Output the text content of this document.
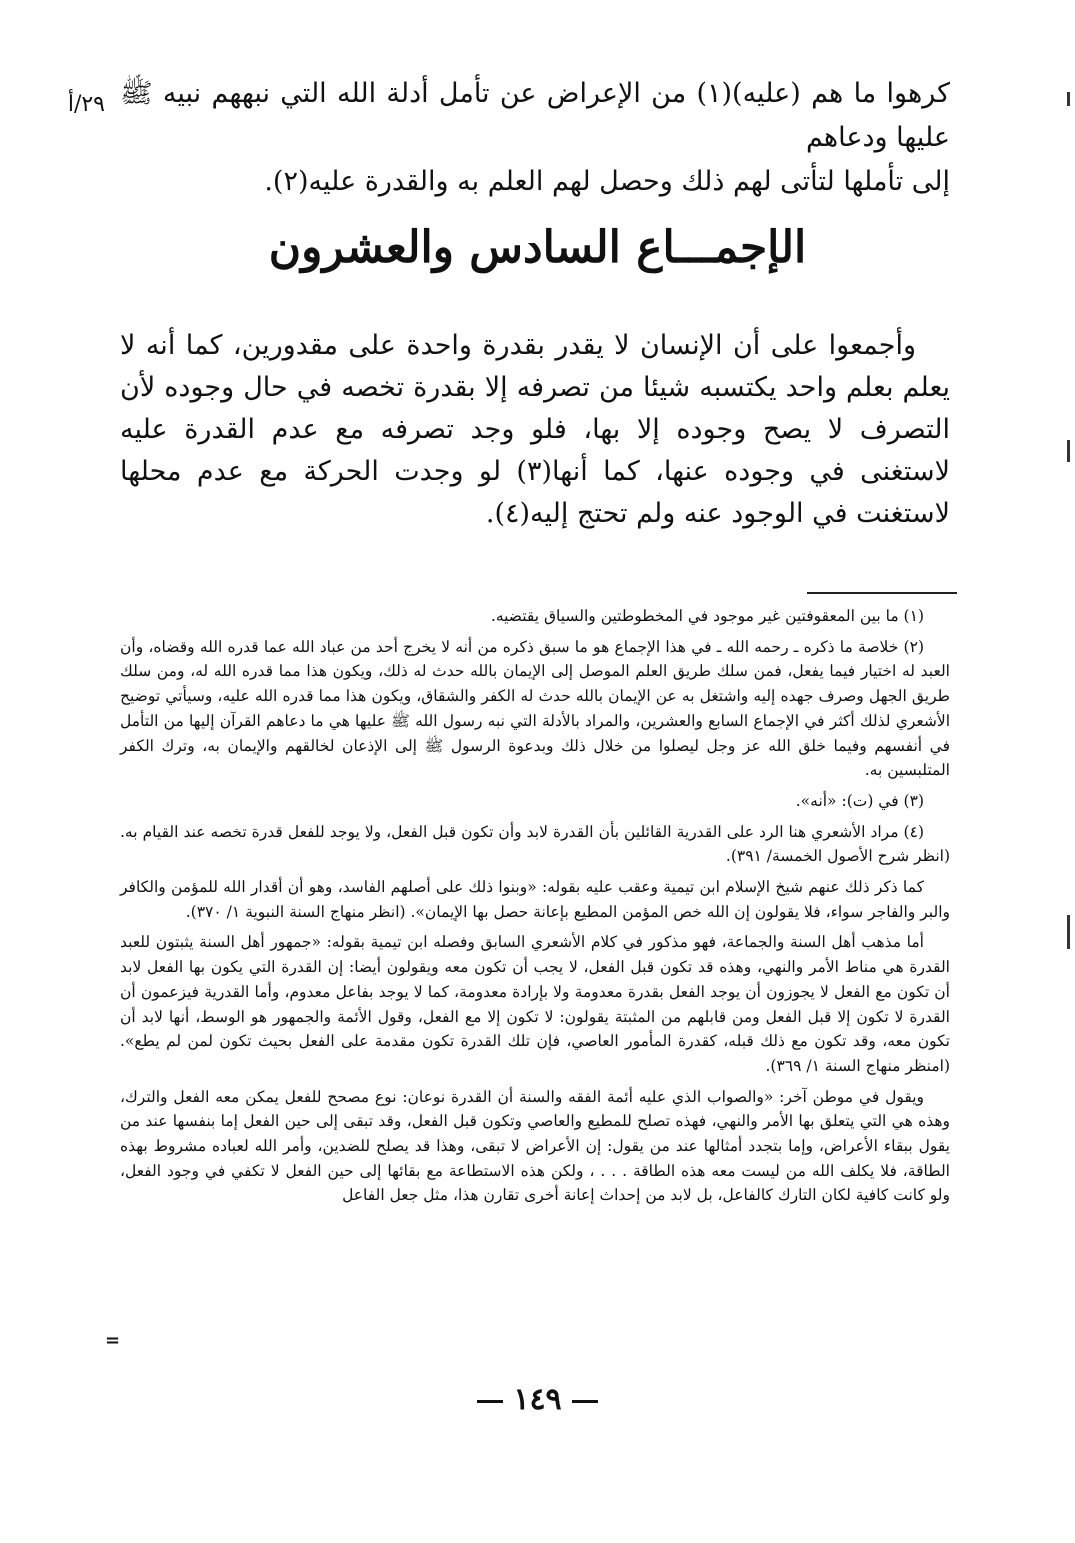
٢٩/أ كرهوا ما هم (عليه)(١) من الإعراض عن تأمل أدلة الله التي نبههم نبيه ﷺ عليها ودعاهم

إلى تأملها لتأتى لهم ذلك وحصل لهم العلم به والقدرة عليه(٢).

الإجمـــاع السادس والعشرون

وأجمعوا على أن الإنسان لا يقدر بقدرة واحدة على مقدورين، كما أنه لا يعلم بعلم واحد يكتسبه شيئا من تصرفه إلا بقدرة تخصه في حال وجوده لأن التصرف لا يصح وجوده إلا بها، فلو وجد تصرفه مع عدم القدرة عليه لاستغنى في وجوده عنها، كما أنها(٣) لو وجدت الحركة مع عدم محلها لاستغنت في الوجود عنه ولم تحتج إليه(٤).

(١) ما بين المعقوفتين غير موجود في المخطوطتين والسياق يقتضيه.

(٢) خلاصة ما ذكره ـ رحمه الله ـ في هذا الإجماع هو ما سبق ذكره من أنه لا يخرج أحد من عباد الله عما قدره الله وقضاه، وأن العبد له اختيار فيما يفعل، فمن سلك طريق العلم الموصل إلى الإيمان بالله حدث له ذلك، ويكون هذا مما قدره الله له، ومن سلك طريق الجهل وصرف جهده إليه واشتغل به عن الإيمان بالله حدث له الكفر والشقاق، ويكون هذا مما قدره الله عليه، وسيأتي توضيح الأشعري لذلك أكثر في الإجماع السابع والعشرين، والمراد بالأدلة التي نبه رسول الله ﷺ عليها هي ما دعاهم القرآن إليها من التأمل في أنفسهم وفيما خلق الله عز وجل ليصلوا من خلال ذلك وبدعوة الرسول ﷺ إلى الإذعان لخالقهم والإيمان به، وترك الكفر المتلبسين به.

(٣) في (ت): «أنه».

(٤) مراد الأشعري هنا الرد على القدرية القائلين بأن القدرة لابد وأن تكون قبل الفعل، ولا يوجد للفعل قدرة تخصه عند القيام به. (انظر شرح الأصول الخمسة/ ٣٩١).

كما ذكر ذلك عنهم شيخ الإسلام ابن تيمية وعقب عليه بقوله: «وبنوا ذلك على أصلهم الفاسد، وهو أن أقدار الله للمؤمن والكافر والبر والفاجر سواء، فلا يقولون إن الله خص المؤمن المطيع بإعانة حصل بها الإيمان». (انظر منهاج السنة النبوية ١/ ٣٧٠).

أما مذهب أهل السنة والجماعة، فهو مذكور في كلام الأشعري السابق وفصله ابن تيمية بقوله: «جمهور أهل السنة يثبتون للعبد القدرة هي مناط الأمر والنهي، وهذه قد تكون قبل الفعل، لا يجب أن تكون معه ويقولون أيضا: إن القدرة التي يكون بها الفعل لابد أن تكون مع الفعل لا يجوزون أن يوجد الفعل بقدرة معدومة ولا بإرادة معدومة، كما لا يوجد بفاعل معدوم، وأما القدرية فيزعمون أن القدرة لا تكون إلا قبل الفعل ومن قابلهم من المثبتة يقولون: لا تكون إلا مع الفعل، وقول الأئمة والجمهور هو الوسط، أنها لابد أن تكون معه، وقد تكون مع ذلك قبله، كقدرة المأمور العاصي، فإن تلك القدرة تكون مقدمة على الفعل بحيث تكون لمن لم يطع». (امنظر منهاج السنة ١/ ٣٦٩).

ويقول في موطن آخر: «والصواب الذي عليه أئمة الفقه والسنة أن القدرة نوعان: نوع مصحح للفعل يمكن معه الفعل والترك، وهذه هي التي يتعلق بها الأمر والنهي، فهذه تصلح للمطيع والعاصي وتكون قبل الفعل، وقد تبقى إلى حين الفعل إما بنفسها عند من يقول ببقاء الأعراض، وإما بتجدد أمثالها عند من يقول: إن الأعراض لا تبقى، وهذا قد يصلح للضدين، وأمر الله لعباده مشروط بهذه الطاقة، فلا يكلف الله من ليست معه هذه الطاقة . . . ، ولكن هذه الاستطاعة مع بقائها إلى حين الفعل لا تكفي في وجود الفعل، ولو كانت كافية لكان التارك كالفاعل، بل لابد من إحداث إعانة أخرى تقارن هذا، مثل جعل الفاعل

=
١٤٩
